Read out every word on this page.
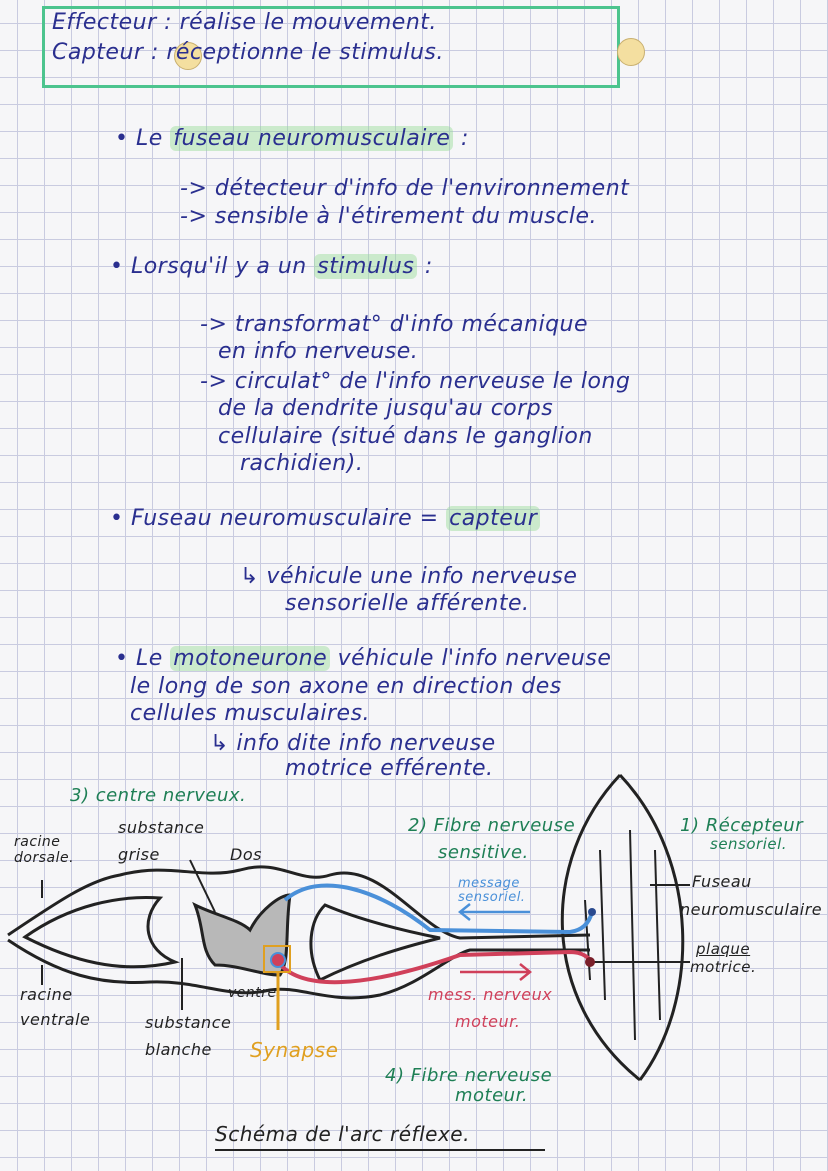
Effecteur : réalise le mouvement.
Capteur : réceptionne le stimulus.
• Le fuseau neuromusculaire :
-> détecteur d'info de l'environnement
-> sensible à l'étirement du muscle.
• Lorsqu'il y a un stimulus :
-> transformat° d'info mécanique
en info nerveuse.
-> circulat° de l'info nerveuse le long
de la dendrite jusqu'au corps
cellulaire (situé dans le ganglion
rachidien).
• Fuseau neuromusculaire = capteur
↳ véhicule une info nerveuse
sensorielle afférente.
• Le motoneurone véhicule l'info nerveuse
le long de son axone en direction des
cellules musculaires.
↳ info dite info nerveuse
motrice efférente.
3) centre nerveux.
substance
grise
racine
dorsale.	Dos
2) Fibre nerveuse
sensitive.
1) Récepteur
sensoriel.
message
sensoriel.
Fuseau
neuromusculaire
plaque
motrice.
racine
ventrale	substance
blanche
ventre
Synapse
mess. nerveux
moteur.
4) Fibre nerveuse
moteur.
Schéma de l'arc réflexe.
